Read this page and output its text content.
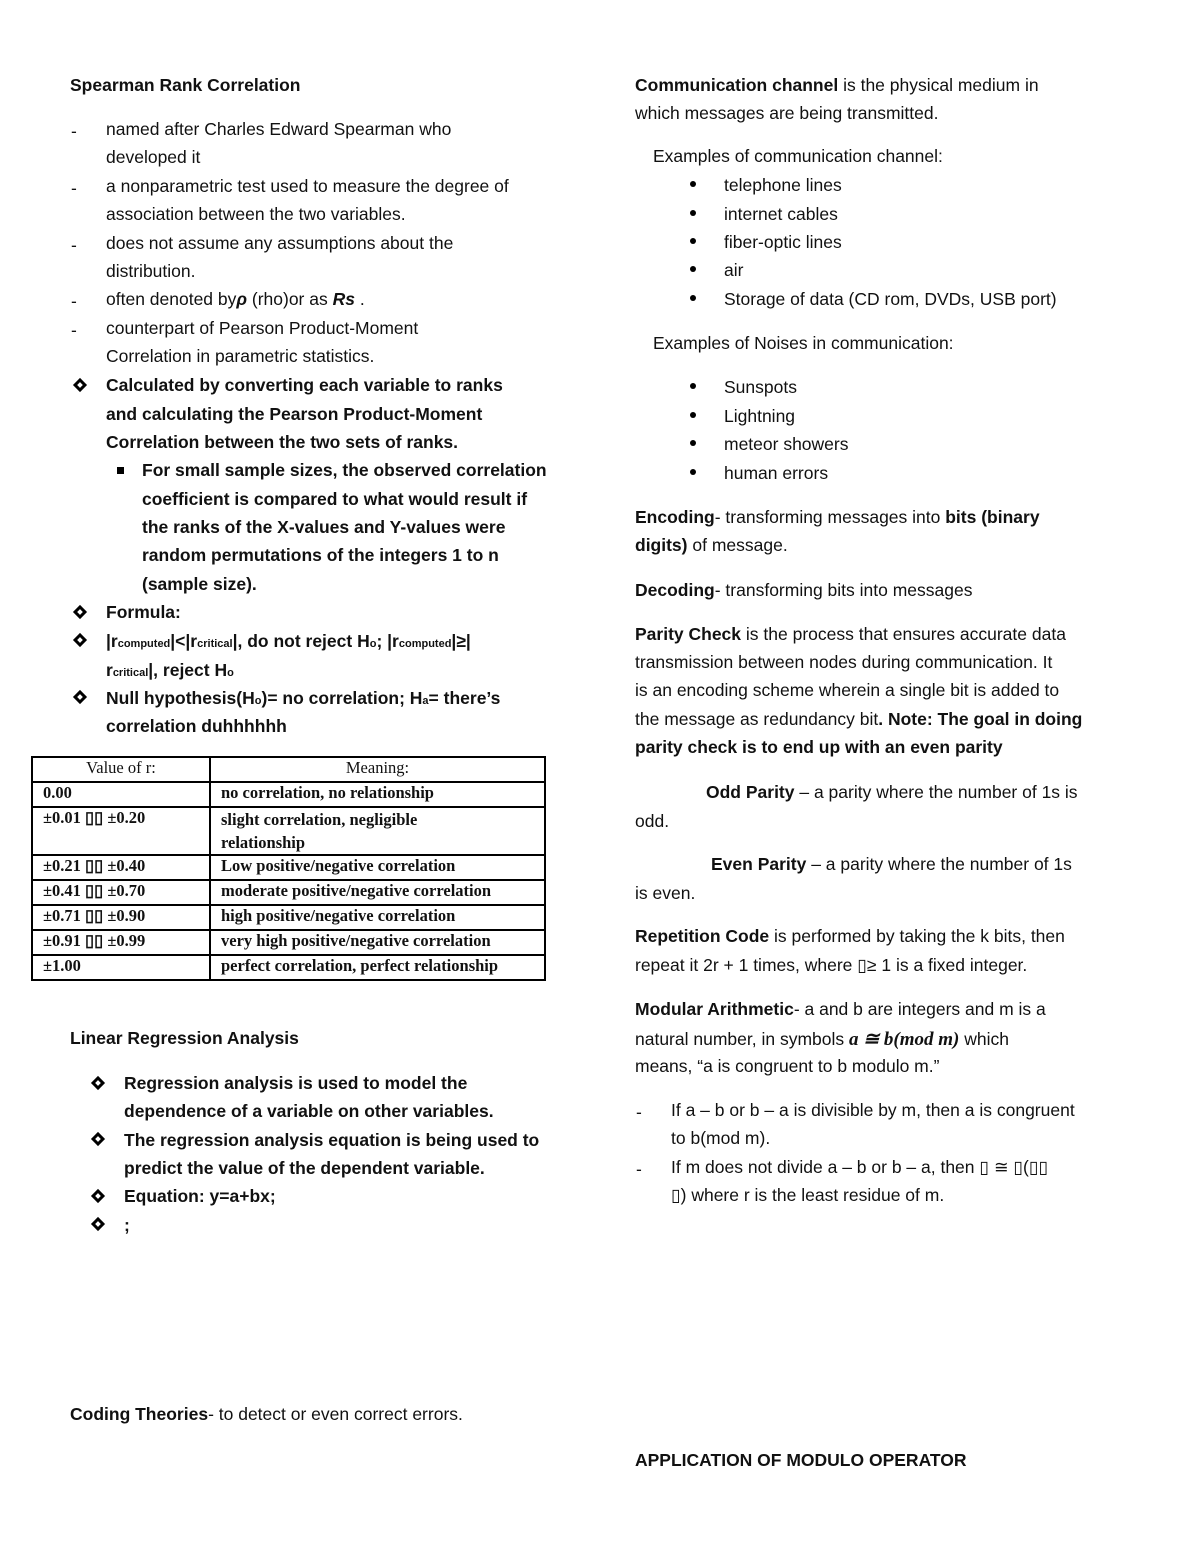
Spearman Rank Correlation
- named after Charles Edward Spearman who
developed it
- a nonparametric test used to measure the degree of
association between the two variables.
- does not assume any assumptions about the
distribution.
- often denoted byρ (rho)or as Rs .
- counterpart of Pearson Product-Moment
Correlation in parametric statistics.
Calculated by converting each variable to ranks
and calculating the Pearson Product-Moment
Correlation between the two sets of ranks.
For small sample sizes, the observed correlation
coefficient is compared to what would result if
the ranks of the X-values and Y-values were
random permutations of the integers 1 to n
(sample size).
Formula:
|rcomputed|<|rcritical|, do not reject Ho; |rcomputed|≥|
rcritical|, reject Ho
Null hypothesis(Ho)= no correlation; Ha= there’s
correlation duhhhhhh
Value of r:	Meaning:
0.00	no correlation, no relationship
±0.01 ▯▯ ±0.20	slight correlation, negligible
relationship
±0.21 ▯▯ ±0.40	Low positive/negative correlation
±0.41 ▯▯ ±0.70	moderate positive/negative correlation
±0.71 ▯▯ ±0.90	high positive/negative correlation
±0.91 ▯▯ ±0.99	very high positive/negative correlation
±1.00	perfect correlation, perfect relationship
Linear Regression Analysis
Regression analysis is used to model the
dependence of a variable on other variables.
The regression analysis equation is being used to
predict the value of the dependent variable.
Equation: y=a+bx;
;
Coding Theories- to detect or even correct errors.
Communication channel is the physical medium in
which messages are being transmitted.
Examples of communication channel:
telephone lines
internet cables
fiber-optic lines
air
Storage of data (CD rom, DVDs, USB port)
Examples of Noises in communication:
Sunspots
Lightning
meteor showers
human errors
Encoding- transforming messages into bits (binary
digits) of message.
Decoding- transforming bits into messages
Parity Check is the process that ensures accurate data
transmission between nodes during communication. It
is an encoding scheme wherein a single bit is added to
the message as redundancy bit. Note: The goal in doing
parity check is to end up with an even parity
Odd Parity – a parity where the number of 1s is
odd.
Even Parity – a parity where the number of 1s
is even.
Repetition Code is performed by taking the k bits, then
repeat it 2r + 1 times, where ▯≥ 1 is a fixed integer.
Modular Arithmetic- a and b are integers and m is a
natural number, in symbols a ≅ b(mod m) which
means, “a is congruent to b modulo m.”
- If a – b or b – a is divisible by m, then a is congruent
to b(mod m).
- If m does not divide a – b or b – a, then ▯ ≅ ▯(▯▯
▯) where r is the least residue of m.
APPLICATION OF MODULO OPERATOR
